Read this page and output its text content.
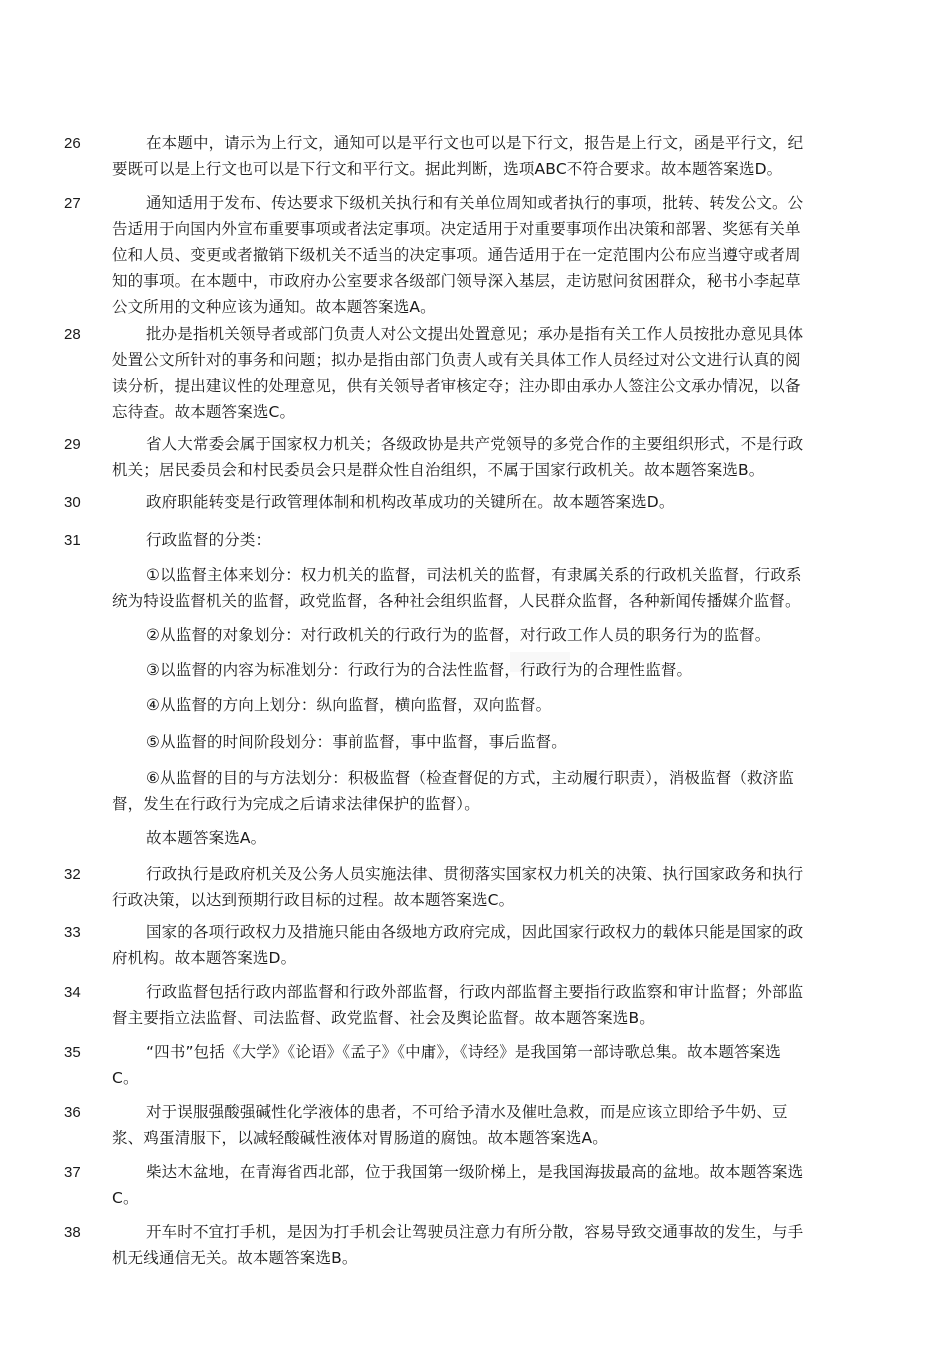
26	在本题中，请示为上行文，通知可以是平行文也可以是下行文，报告是上行文，函是平行文，纪
要既可以是上行文也可以是下行文和平行文。据此判断，选项ABC不符合要求。故本题答案选D。
27	通知适用于发布、传达要求下级机关执行和有关单位周知或者执行的事项，批转、转发公文。公
告适用于向国内外宣布重要事项或者法定事项。决定适用于对重要事项作出决策和部署、奖惩有关单
位和人员、变更或者撤销下级机关不适当的决定事项。通告适用于在一定范围内公布应当遵守或者周
知的事项。在本题中，市政府办公室要求各级部门领导深入基层，走访慰问贫困群众，秘书小李起草
公文所用的文种应该为通知。故本题答案选A。
28	批办是指机关领导者或部门负责人对公文提出处置意见；承办是指有关工作人员按批办意见具体
处置公文所针对的事务和问题；拟办是指由部门负责人或有关具体工作人员经过对公文进行认真的阅
读分析，提出建议性的处理意见，供有关领导者审核定夺；注办即由承办人签注公文承办情况，以备
忘待查。故本题答案选C。
29	省人大常委会属于国家权力机关；各级政协是共产党领导的多党合作的主要组织形式，不是行政
机关；居民委员会和村民委员会只是群众性自治组织，不属于国家行政机关。故本题答案选B。
30	政府职能转变是行政管理体制和机构改革成功的关键所在。故本题答案选D。
31	行政监督的分类：
①以监督主体来划分：权力机关的监督，司法机关的监督，有隶属关系的行政机关监督，行政系
统为特设监督机关的监督，政党监督，各种社会组织监督，人民群众监督，各种新闻传播媒介监督。
②从监督的对象划分：对行政机关的行政行为的监督，对行政工作人员的职务行为的监督。
③以监督的内容为标准划分：行政行为的合法性监督，行政行为的合理性监督。
④从监督的方向上划分：纵向监督，横向监督，双向监督。
⑤从监督的时间阶段划分：事前监督，事中监督，事后监督。
⑥从监督的目的与方法划分：积极监督（检查督促的方式，主动履行职责），消极监督（救济监
督，发生在行政行为完成之后请求法律保护的监督）。
故本题答案选A。
32	行政执行是政府机关及公务人员实施法律、贯彻落实国家权力机关的决策、执行国家政务和执行
行政决策，以达到预期行政目标的过程。故本题答案选C。
33	国家的各项行政权力及措施只能由各级地方政府完成，因此国家行政权力的载体只能是国家的政
府机构。故本题答案选D。
34	行政监督包括行政内部监督和行政外部监督，行政内部监督主要指行政监察和审计监督；外部监
督主要指立法监督、司法监督、政党监督、社会及舆论监督。故本题答案选B。
35	“四书”包括《大学》《论语》《孟子》《中庸》，《诗经》是我国第一部诗歌总集。故本题答案选
C。
36	对于误服强酸强碱性化学液体的患者，不可给予清水及催吐急救，而是应该立即给予牛奶、豆
浆、鸡蛋清服下，以减轻酸碱性液体对胃肠道的腐蚀。故本题答案选A。
37	柴达木盆地，在青海省西北部，位于我国第一级阶梯上，是我国海拔最高的盆地。故本题答案选
C。
38	开车时不宜打手机，是因为打手机会让驾驶员注意力有所分散，容易导致交通事故的发生，与手
机无线通信无关。故本题答案选B。
